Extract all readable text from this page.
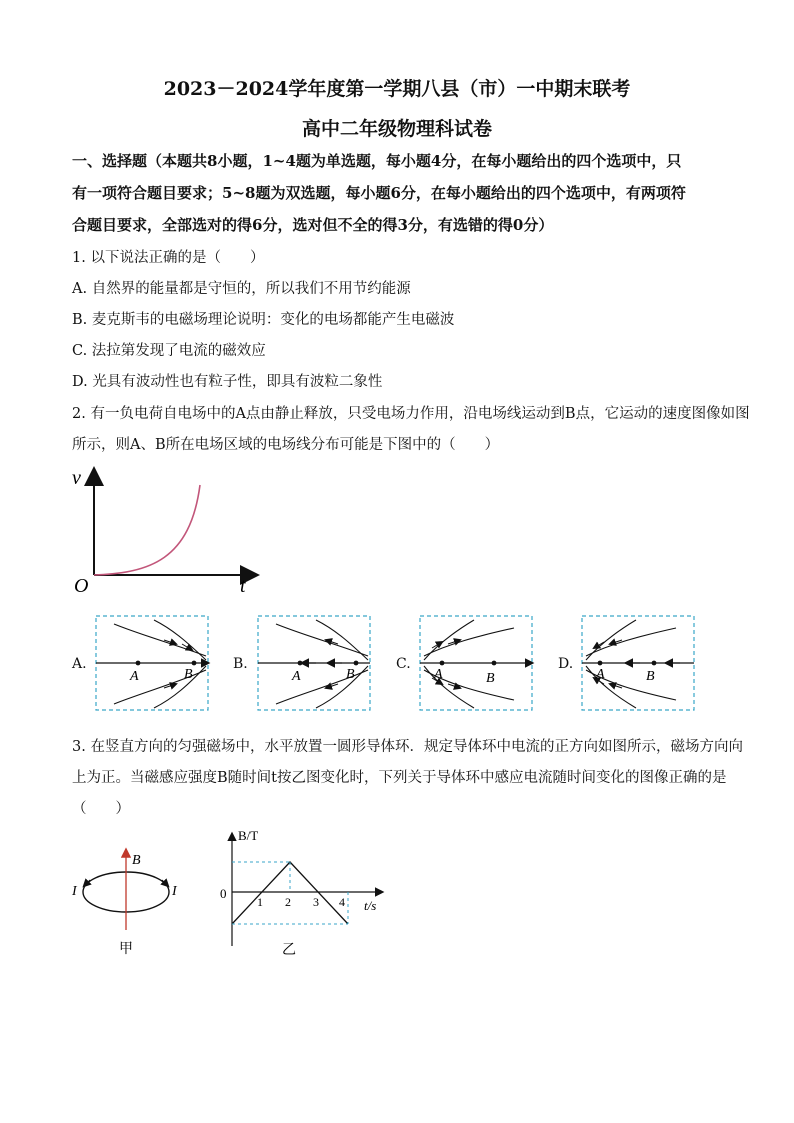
2023－2024学年度第一学期八县（市）一中期末联考
高中二年级物理科试卷
一、选择题（本题共8小题，1~4题为单选题，每小题4分，在每小题给出的四个选项中，只
有一项符合题目要求；5~8题为双选题，每小题6分，在每小题给出的四个选项中，有两项符
合题目要求，全部选对的得6分，选对但不全的得3分，有选错的得0分）
1. 以下说法正确的是（　　）
A. 自然界的能量都是守恒的，所以我们不用节约能源
B. 麦克斯韦的电磁场理论说明：变化的电场都能产生电磁波
C. 法拉第发现了电流的磁效应
D. 光具有波动性也有粒子性，即具有波粒二象性
2. 有一负电荷自电场中的A点由静止释放，只受电场力作用，沿电场线运动到B点，它运动的速度图像如图
所示，则A、B所在电场区域的电场线分布可能是下图中的（　　）
v
t
O
A.
A	B
B.
A	B
C.
A	B
D.
A	B
3. 在竖直方向的匀强磁场中，水平放置一圆形导体环．规定导体环中电流的正方向如图所示，磁场方向向
上为正。当磁感应强度B随时间t按乙图变化时，下列关于导体环中感应电流随时间变化的图像正确的是
（　　）
B
I	I
甲
B/T
0
1 2 3 4 t/s
乙
